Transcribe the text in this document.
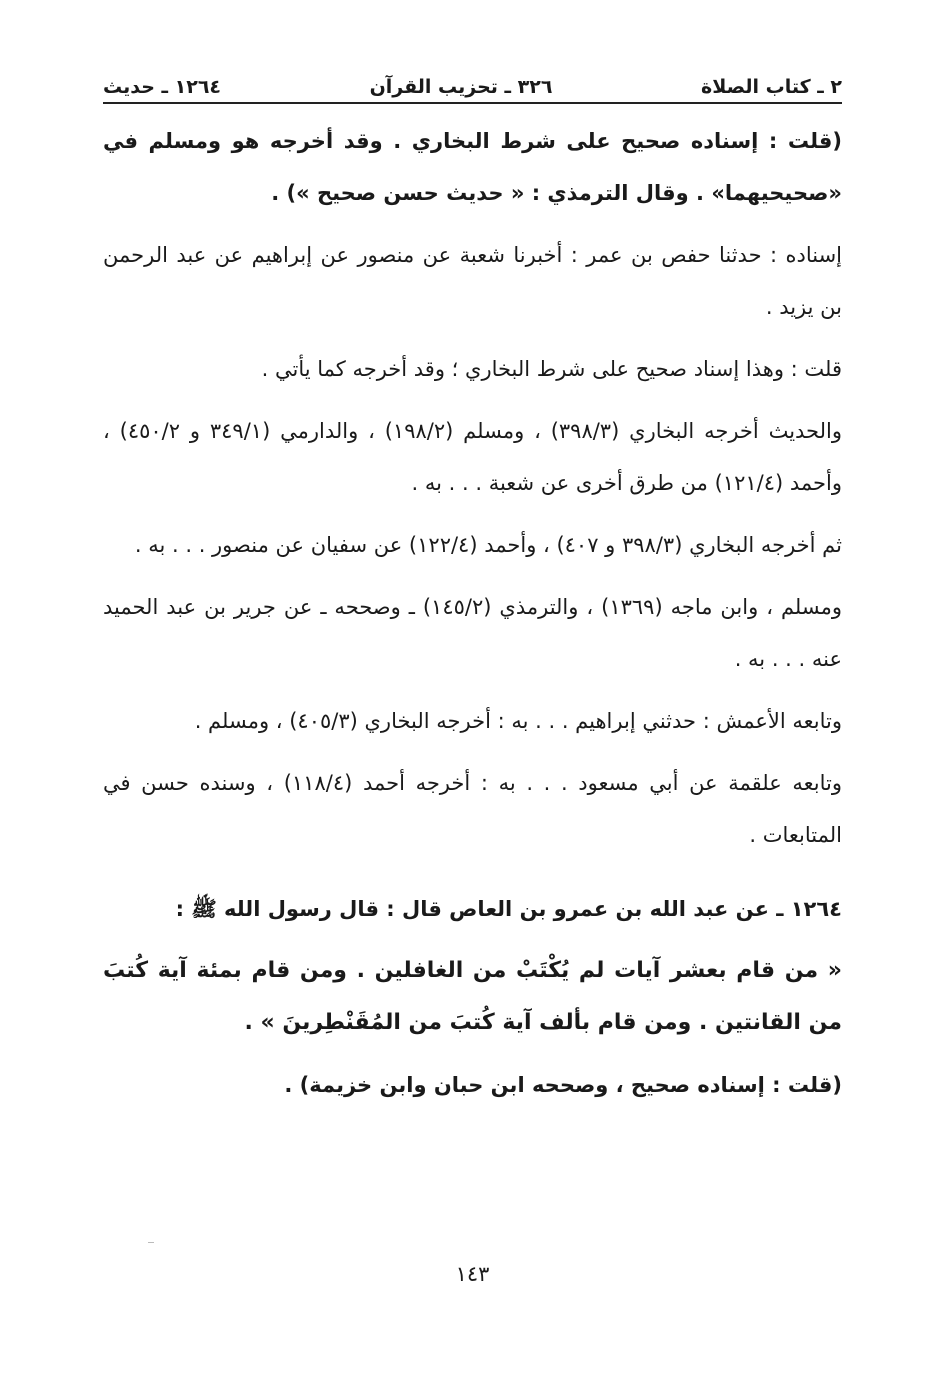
٢ ـ كتاب الصلاة
٣٢٦ ـ تحزيب القرآن
١٢٦٤ ـ حديث

(قلت : إسناده صحيح على شرط البخاري . وقد أخرجه هو ومسلم في «صحيحيهما» . وقال الترمذي : « حديث حسن صحيح ») .

إسناده : حدثنا حفص بن عمر : أخبرنا شعبة عن منصور عن إبراهيم عن عبد الرحمن بن يزيد .

قلت : وهذا إسناد صحيح على شرط البخاري ؛ وقد أخرجه كما يأتي .

والحديث أخرجه البخاري (٣٩٨/٣) ، ومسلم (١٩٨/٢) ، والدارمي (٣٤٩/١ و ٤٥٠/٢) ، وأحمد (١٢١/٤) من طرق أخرى عن شعبة . . . به .

ثم أخرجه البخاري (٣٩٨/٣ و ٤٠٧) ، وأحمد (١٢٢/٤) عن سفيان عن منصور . . . به .

ومسلم ، وابن ماجه (١٣٦٩) ، والترمذي (١٤٥/٢) ـ وصححه ـ عن جرير بن عبد الحميد عنه . . . به .

وتابعه الأعمش : حدثني إبراهيم . . . به : أخرجه البخاري (٤٠٥/٣) ، ومسلم .

وتابعه علقمة عن أبي مسعود . . . به : أخرجه أحمد (١١٨/٤) ، وسنده حسن في المتابعات .

١٢٦٤ ـ عن عبد الله بن عمرو بن العاص قال : قال رسول الله ﷺ :

« من قام بعشر آيات لم يُكْتَبْ من الغافلين . ومن قام بمئة آية كُتبَ من القانتين . ومن قام بألف آية كُتبَ من المُقَنْطِرينَ » .

(قلت : إسناده صحيح ، وصححه ابن حبان وابن خزيمة) .

١٤٣
